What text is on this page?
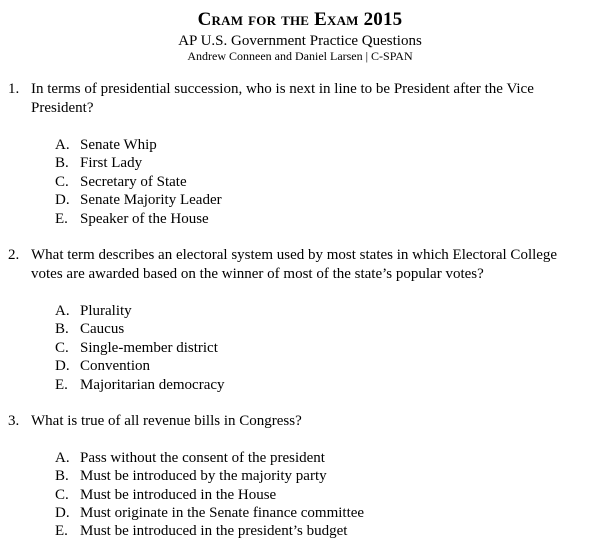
Cram for the Exam 2015
AP U.S. Government Practice Questions
Andrew Conneen and Daniel Larsen | C-SPAN
1. In terms of presidential succession, who is next in line to be President after the Vice President?
A. Senate Whip
B. First Lady
C. Secretary of State
D. Senate Majority Leader
E. Speaker of the House
2. What term describes an electoral system used by most states in which Electoral College votes are awarded based on the winner of most of the state’s popular votes?
A. Plurality
B. Caucus
C. Single-member district
D. Convention
E. Majoritarian democracy
3. What is true of all revenue bills in Congress?
A. Pass without the consent of the president
B. Must be introduced by the majority party
C. Must be introduced in the House
D. Must originate in the Senate finance committee
E. Must be introduced in the president’s budget
